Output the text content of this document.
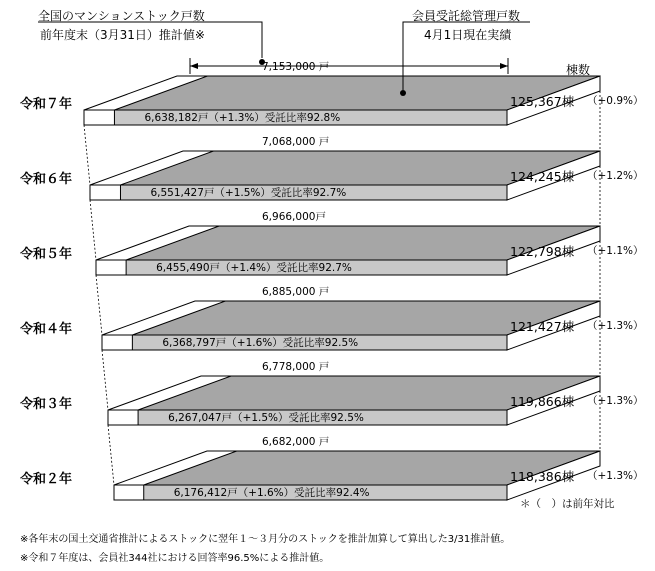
全国のマンションストック戸数
前年度末（3月31日）推計値※
会員受託総管理戸数
4月1日現在実績
棟数
＊（　）は前年対比
※各年末の国土交通省推計によるストックに翌年１～３月分のストックを推計加算して算出した3/31推計値。
※令和７年度は、会員社344社における回答率96.5%による推計値。
令和７年
7,153,000 戸
6,638,182戸（+1.3%）受託比率92.8%
125,367棟 （+0.9%）
令和６年
7,068,000 戸
6,551,427戸（+1.5%）受託比率92.7%
124,245棟 （+1.2%）
令和５年
6,966,000戸
6,455,490戸（+1.4%）受託比率92.7%
122,798棟 （+1.1%）
令和４年
6,885,000 戸
6,368,797戸（+1.6%）受託比率92.5%
121,427棟 （+1.3%）
令和３年
6,778,000 戸
6,267,047戸（+1.5%）受託比率92.5%
119,866棟 （+1.3%）
令和２年
6,682,000 戸
6,176,412戸（+1.6%）受託比率92.4%
118,386棟 （+1.3%）
